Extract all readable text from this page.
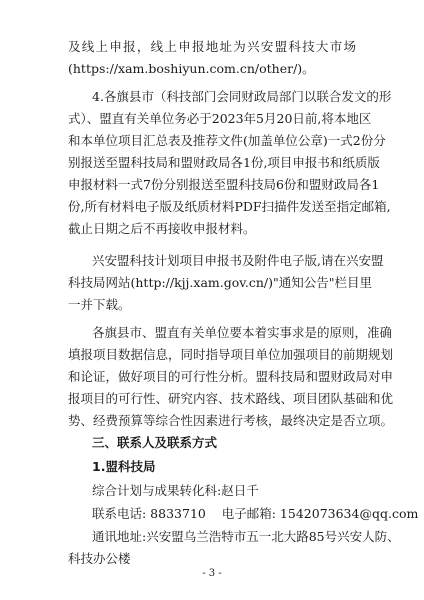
及线上申报，线上申报地址为兴安盟科技大市场
(https://xam.boshiyun.com.cn/other/)。
4.各旗县市（科技部门会同财政局部门以联合发文的形
式）、盟直有关单位务必于2023年5月20日前,将本地区
和本单位项目汇总表及推荐文件(加盖单位公章)一式2份分
别报送至盟科技局和盟财政局各1份,项目申报书和纸质版
申报材料一式7份分别报送至盟科技局6份和盟财政局各1
份,所有材料电子版及纸质材料PDF扫描件发送至指定邮箱,
截止日期之后不再接收申报材料。
兴安盟科技计划项目申报书及附件电子版,请在兴安盟
科技局网站(http://kjj.xam.gov.cn/)"通知公告"栏目里
一并下载。
各旗县市、盟直有关单位要本着实事求是的原则，准确
填报项目数据信息，同时指导项目单位加强项目的前期规划
和论证，做好项目的可行性分析。盟科技局和盟财政局对申
报项目的可行性、研究内容、技术路线、项目团队基础和优
势、经费预算等综合性因素进行考核，最终决定是否立项。
三、联系人及联系方式
1.盟科技局
综合计划与成果转化科:赵日千
联系电话: 8833710    电子邮箱: 1542073634@qq.com
通讯地址:兴安盟乌兰浩特市五一北大路85号兴安人防、
科技办公楼
- 3 -
